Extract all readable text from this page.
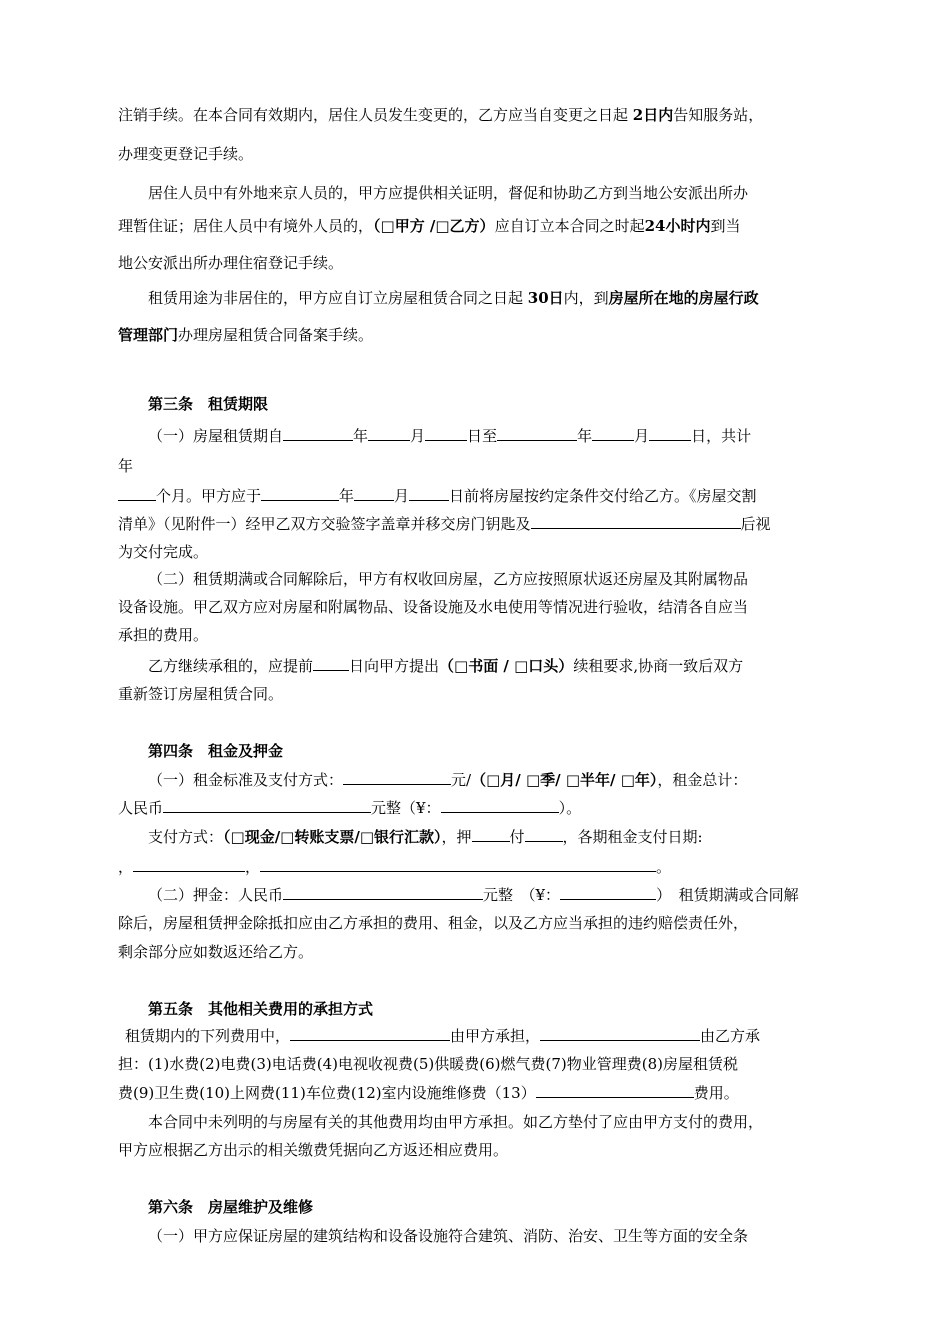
注销手续。在本合同有效期内，居住人员发生变更的，乙方应当自变更之日起 2日内告知服务站，

办理变更登记手续。

居住人员中有外地来京人员的，甲方应提供相关证明，督促和协助乙方到当地公安派出所办

理暂住证；居住人员中有境外人员的，（□甲方 /□乙方）应自订立本合同之时起24小时内到当

地公安派出所办理住宿登记手续。

租赁用途为非居住的，甲方应自订立房屋租赁合同之日起 30日内，到房屋所在地的房屋行政

管理部门办理房屋租赁合同备案手续。

第三条　租赁期限

（一）房屋租赁期自	年	月	日至	年	月	日，共计

年

个月。甲方应于	年	月	日前将房屋按约定条件交付给乙方。《房屋交割

清单》（见附件一）经甲乙双方交验签字盖章并移交房门钥匙及	后视

为交付完成。

（二）租赁期满或合同解除后，甲方有权收回房屋，乙方应按照原状返还房屋及其附属物品

设备设施。甲乙双方应对房屋和附属物品、设备设施及水电使用等情况进行验收，结清各自应当

承担的费用。

乙方继续承租的，应提前 日向甲方提出（□书面 / □口头）续租要求,协商一致后双方

重新签订房屋租赁合同。

第四条　租金及押金

（一）租金标准及支付方式：	元/（□月/ □季/ □半年/ □年），租金总计：

人民币	元整（¥：	）。

支付方式：（□现金/□转账支票/□银行汇款），押	付	，各期租金支付日期:

，	，	。

（二）押金：人民币	元整　（¥：	）　租赁期满或合同解

除后，房屋租赁押金除抵扣应由乙方承担的费用、租金，以及乙方应当承担的违约赔偿责任外，

剩余部分应如数返还给乙方。

第五条　其他相关费用的承担方式

租赁期内的下列费用中，	由甲方承担，	由乙方承

担：(1)水费(2)电费(3)电话费(4)电视收视费(5)供暖费(6)燃气费(7)物业管理费(8)房屋租赁税

费(9)卫生费(10)上网费(11)车位费(12)室内设施维修费（13）	费用。

本合同中未列明的与房屋有关的其他费用均由甲方承担。如乙方垫付了应由甲方支付的费用，

甲方应根据乙方出示的相关缴费凭据向乙方返还相应费用。

第六条　房屋维护及维修

（一）甲方应保证房屋的建筑结构和设备设施符合建筑、消防、治安、卫生等方面的安全条
